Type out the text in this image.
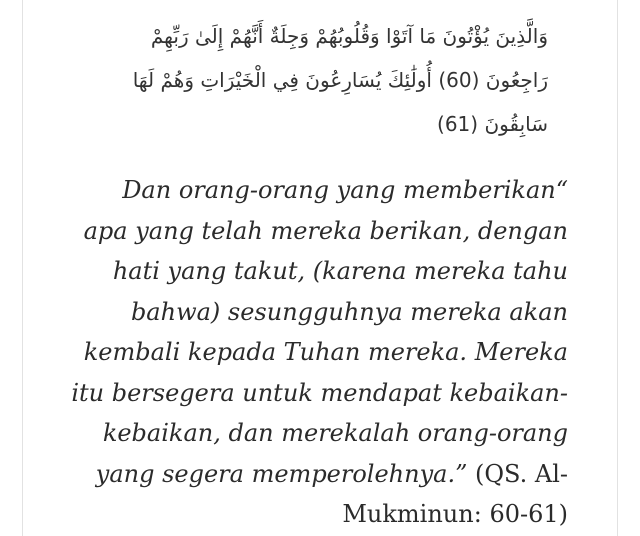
وَالَّذِينَ يُؤْتُونَ مَا آتَوْا وَقُلُوبُهُمْ وَجِلَةٌ أَنَّهُمْ إِلَىٰ رَبِّهِمْ
رَاجِعُونَ (60) أُولَٰئِكَ يُسَارِعُونَ فِي الْخَيْرَاتِ وَهُمْ لَهَا
سَابِقُونَ (61)
Dan orang-orang yang memberikan“
apa yang telah mereka berikan, dengan
hati yang takut, (karena mereka tahu
bahwa) sesungguhnya mereka akan
kembali kepada Tuhan mereka. Mereka
itu bersegera untuk mendapat kebaikan-
kebaikan, dan merekalah orang-orang
yang segera memperolehnya.” (QS. Al-
Mukminun: 60-61)
